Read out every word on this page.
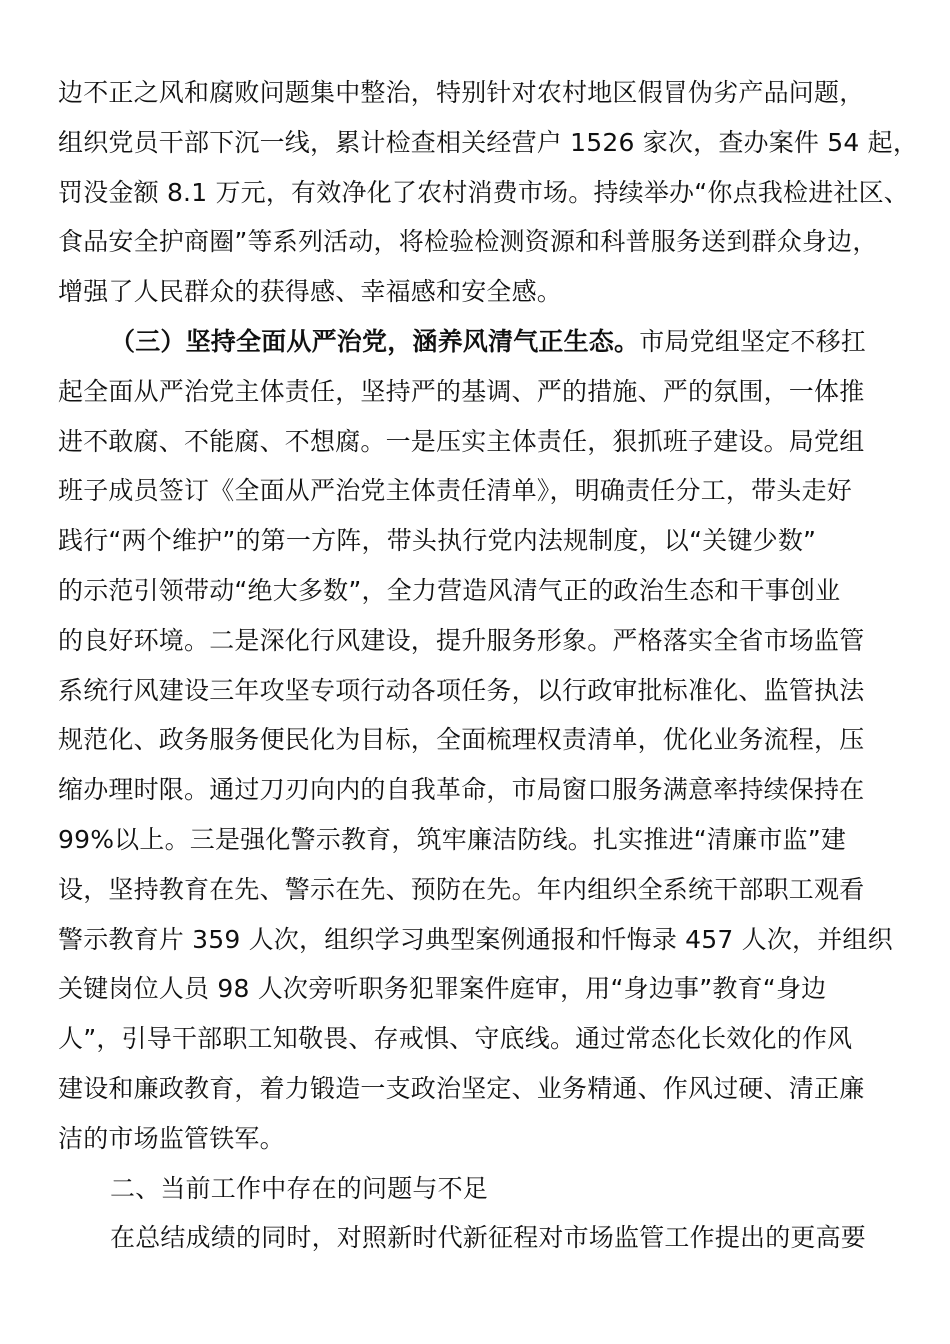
边不正之风和腐败问题集中整治，特别针对农村地区假冒伪劣产品问题，
组织党员干部下沉一线，累计检查相关经营户 1526 家次，查办案件 54 起，
罚没金额 8.1 万元，有效净化了农村消费市场。持续举办“你点我检进社区、
食品安全护商圈”等系列活动，将检验检测资源和科普服务送到群众身边，
增强了人民群众的获得感、幸福感和安全感。
（三）坚持全面从严治党，涵养风清气正生态。市局党组坚定不移扛
起全面从严治党主体责任，坚持严的基调、严的措施、严的氛围，一体推
进不敢腐、不能腐、不想腐。一是压实主体责任，狠抓班子建设。局党组
班子成员签订《全面从严治党主体责任清单》，明确责任分工，带头走好
践行“两个维护”的第一方阵，带头执行党内法规制度，以“关键少数”
的示范引领带动“绝大多数”，全力营造风清气正的政治生态和干事创业
的良好环境。二是深化行风建设，提升服务形象。严格落实全省市场监管
系统行风建设三年攻坚专项行动各项任务，以行政审批标准化、监管执法
规范化、政务服务便民化为目标，全面梳理权责清单，优化业务流程，压
缩办理时限。通过刀刃向内的自我革命，市局窗口服务满意率持续保持在
99%以上。三是强化警示教育，筑牢廉洁防线。扎实推进“清廉市监”建
设，坚持教育在先、警示在先、预防在先。年内组织全系统干部职工观看
警示教育片 359 人次，组织学习典型案例通报和忏悔录 457 人次，并组织
关键岗位人员 98 人次旁听职务犯罪案件庭审，用“身边事”教育“身边
人”，引导干部职工知敬畏、存戒惧、守底线。通过常态化长效化的作风
建设和廉政教育，着力锻造一支政治坚定、业务精通、作风过硬、清正廉
洁的市场监管铁军。
二、当前工作中存在的问题与不足
在总结成绩的同时，对照新时代新征程对市场监管工作提出的更高要
